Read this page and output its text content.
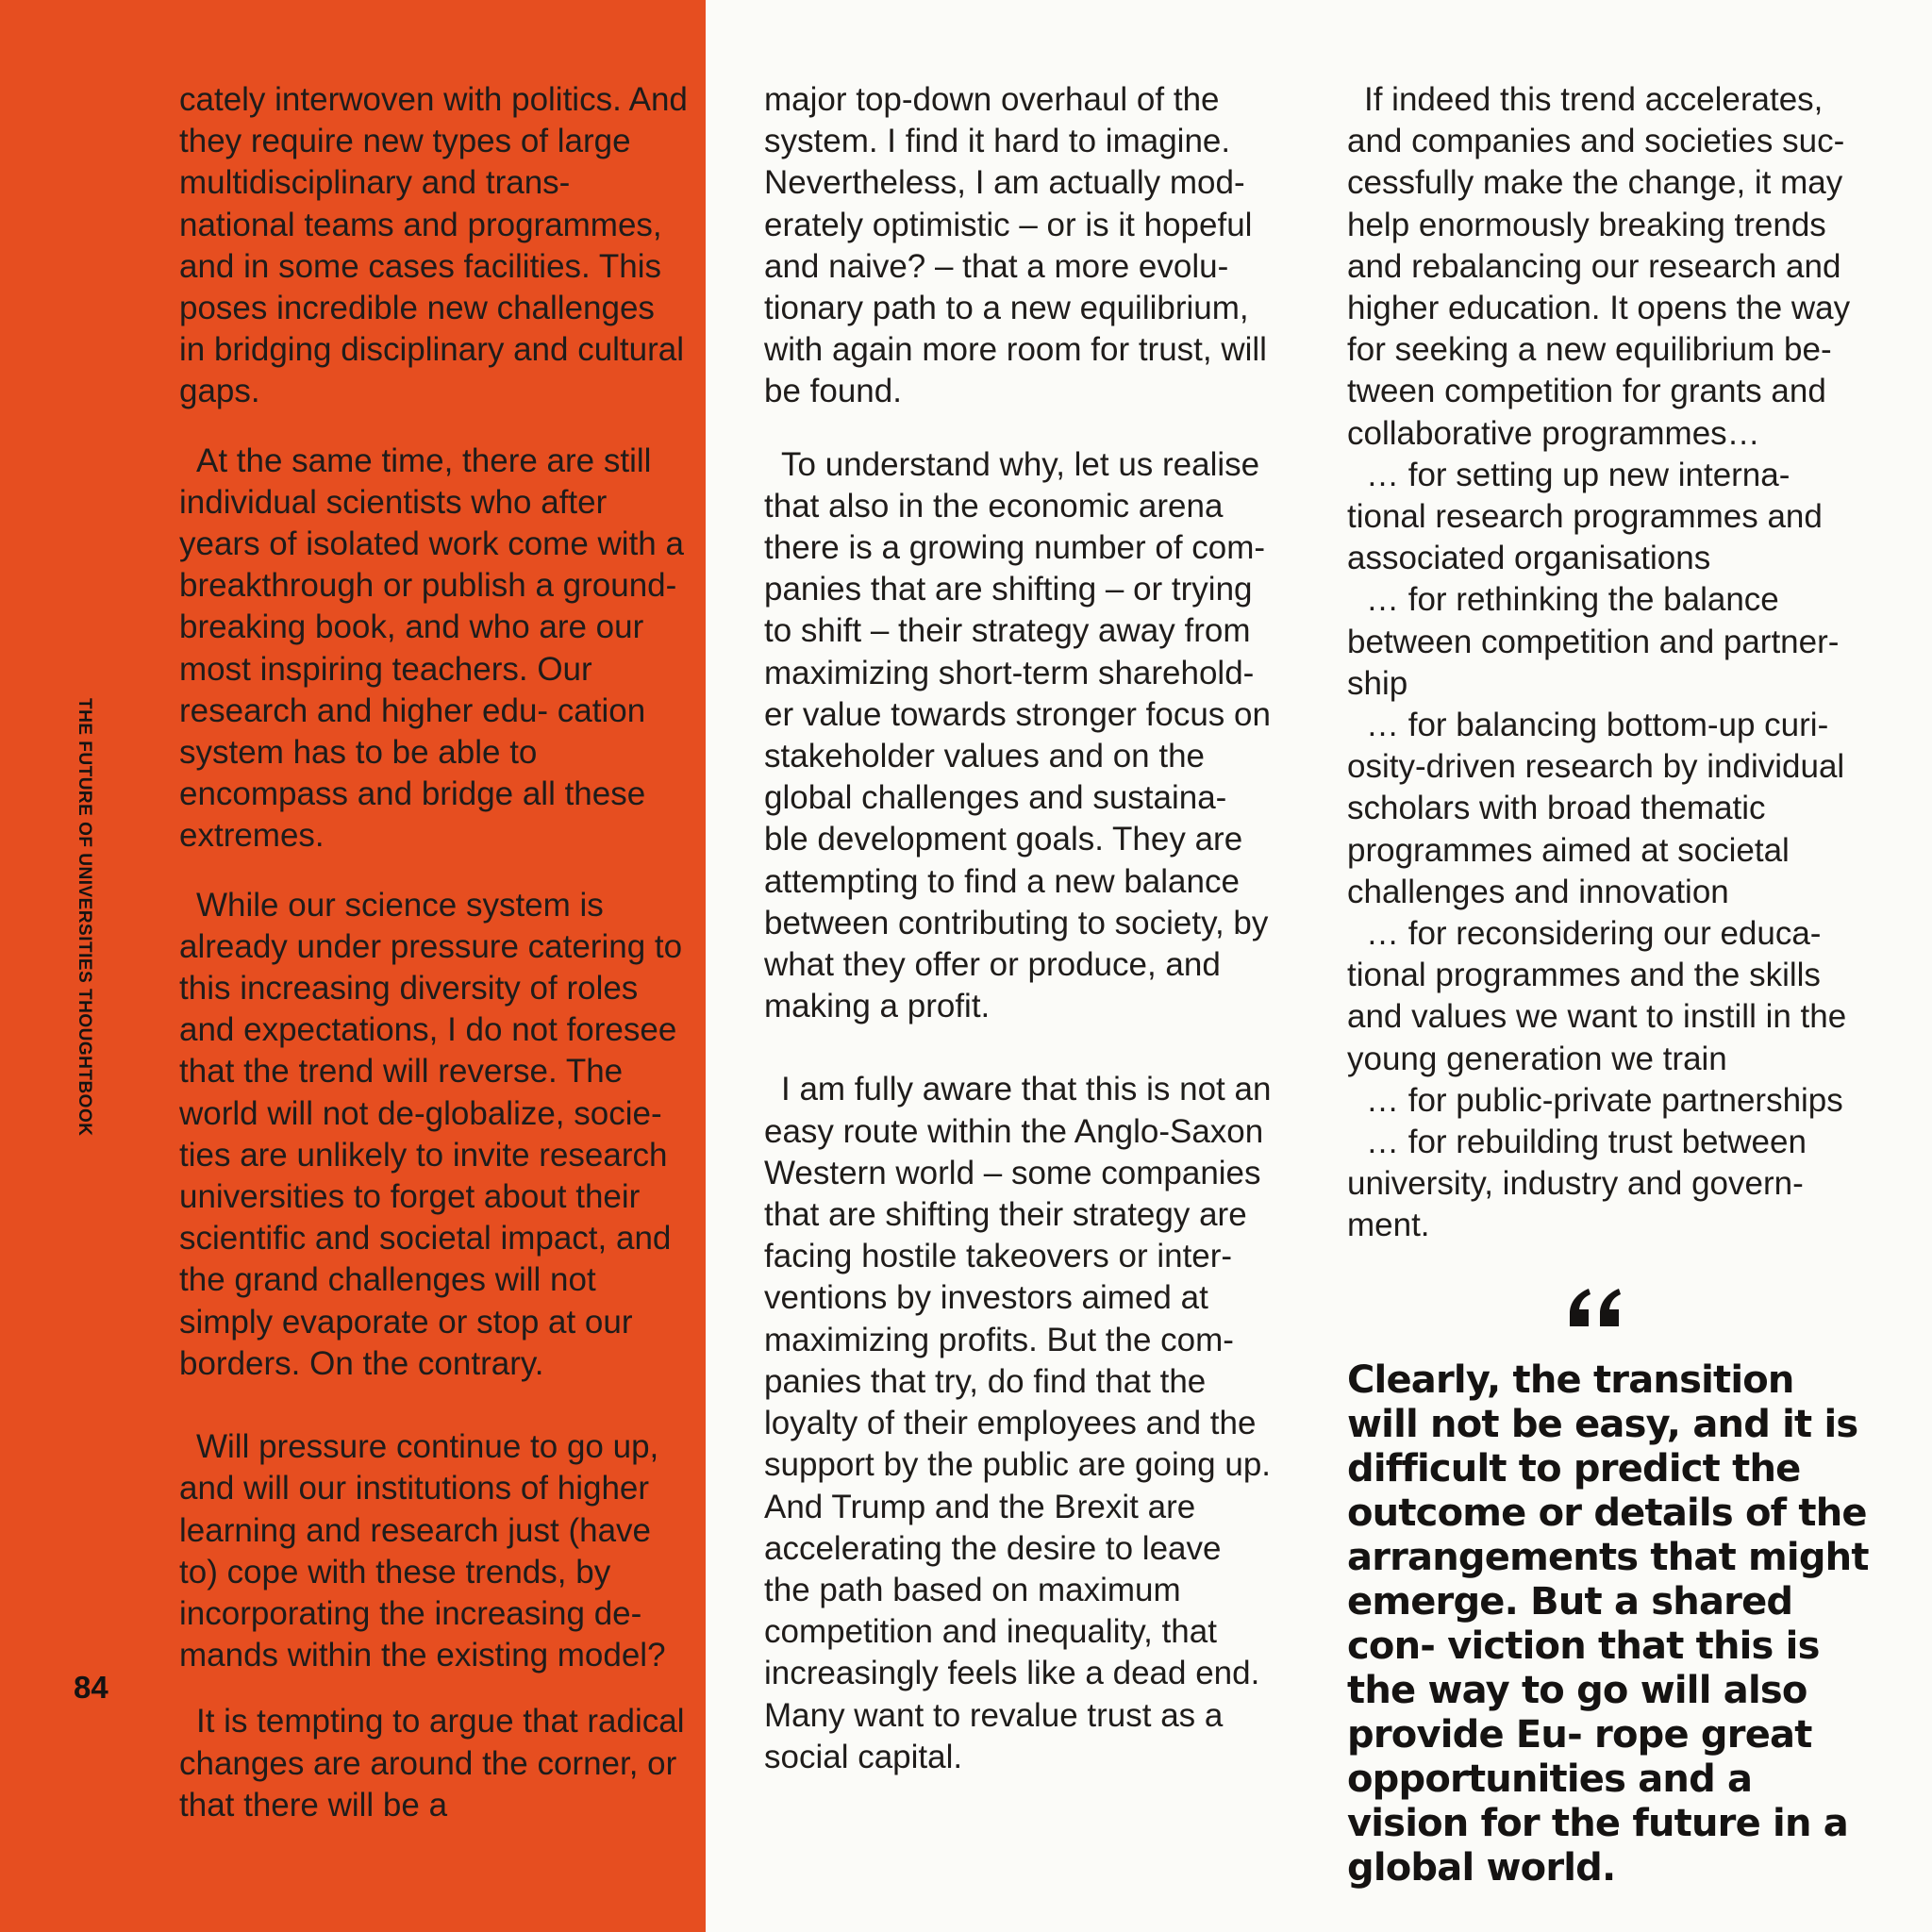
THE FUTURE OF UNIVERSITIES THOUGHTBOOK
84

cately interwoven with politics. And they require new types of large multidisciplinary and trans- national teams and programmes, and in some cases facilities. This poses incredible new challenges in bridging disciplinary and cultural gaps.

At the same time, there are still individual scientists who after years of isolated work come with a breakthrough or publish a ground-breaking book, and who are our most inspiring teachers. Our research and higher edu- cation system has to be able to encompass and bridge all these extremes.

While our science system is already under pressure catering to this increasing diversity of roles and expectations, I do not foresee that the trend will reverse. The world will not de-globalize, socie- ties are unlikely to invite research universities to forget about their scientific and societal impact, and the grand challenges will not simply evaporate or stop at our borders. On the contrary.

Will pressure continue to go up, and will our institutions of higher learning and research just (have to) cope with these trends, by incorporating the increasing de- mands within the existing model?

It is tempting to argue that radical changes are around the corner, or that there will be a

major top-down overhaul of the system. I find it hard to imagine. Nevertheless, I am actually mod- erately optimistic – or is it hopeful and naive? – that a more evolu- tionary path to a new equilibrium, with again more room for trust, will be found.

To understand why, let us realise that also in the economic arena there is a growing number of com- panies that are shifting – or trying to shift – their strategy away from maximizing short-term sharehold- er value towards stronger focus on stakeholder values and on the global challenges and sustaina- ble development goals. They are attempting to find a new balance between contributing to society, by what they offer or produce, and making a profit.

I am fully aware that this is not an easy route within the Anglo-Saxon Western world – some companies that are shifting their strategy are facing hostile takeovers or inter- ventions by investors aimed at maximizing profits. But the com- panies that try, do find that the loyalty of their employees and the support by the public are going up. And Trump and the Brexit are accelerating the desire to leave the path based on maximum competition and inequality, that increasingly feels like a dead end. Many want to revalue trust as a social capital.

If indeed this trend accelerates, and companies and societies suc- cessfully make the change, it may help enormously breaking trends and rebalancing our research and higher education. It opens the way for seeking a new equilibrium be- tween competition for grants and collaborative programmes…

… for setting up new interna- tional research programmes and associated organisations

… for rethinking the balance between competition and partner- ship

… for balancing bottom-up curi- osity-driven research by individual scholars with broad thematic programmes aimed at societal challenges and innovation

… for reconsidering our educa- tional programmes and the skills and values we want to instill in the young generation we train

… for public-private partnerships

… for rebuilding trust between university, industry and govern- ment.

Clearly, the transition will not be easy, and it is difficult to predict the outcome or details of the arrangements that might emerge. But a shared con- viction that this is the way to go will also provide Eu- rope great opportunities and a vision for the future in a global world.
